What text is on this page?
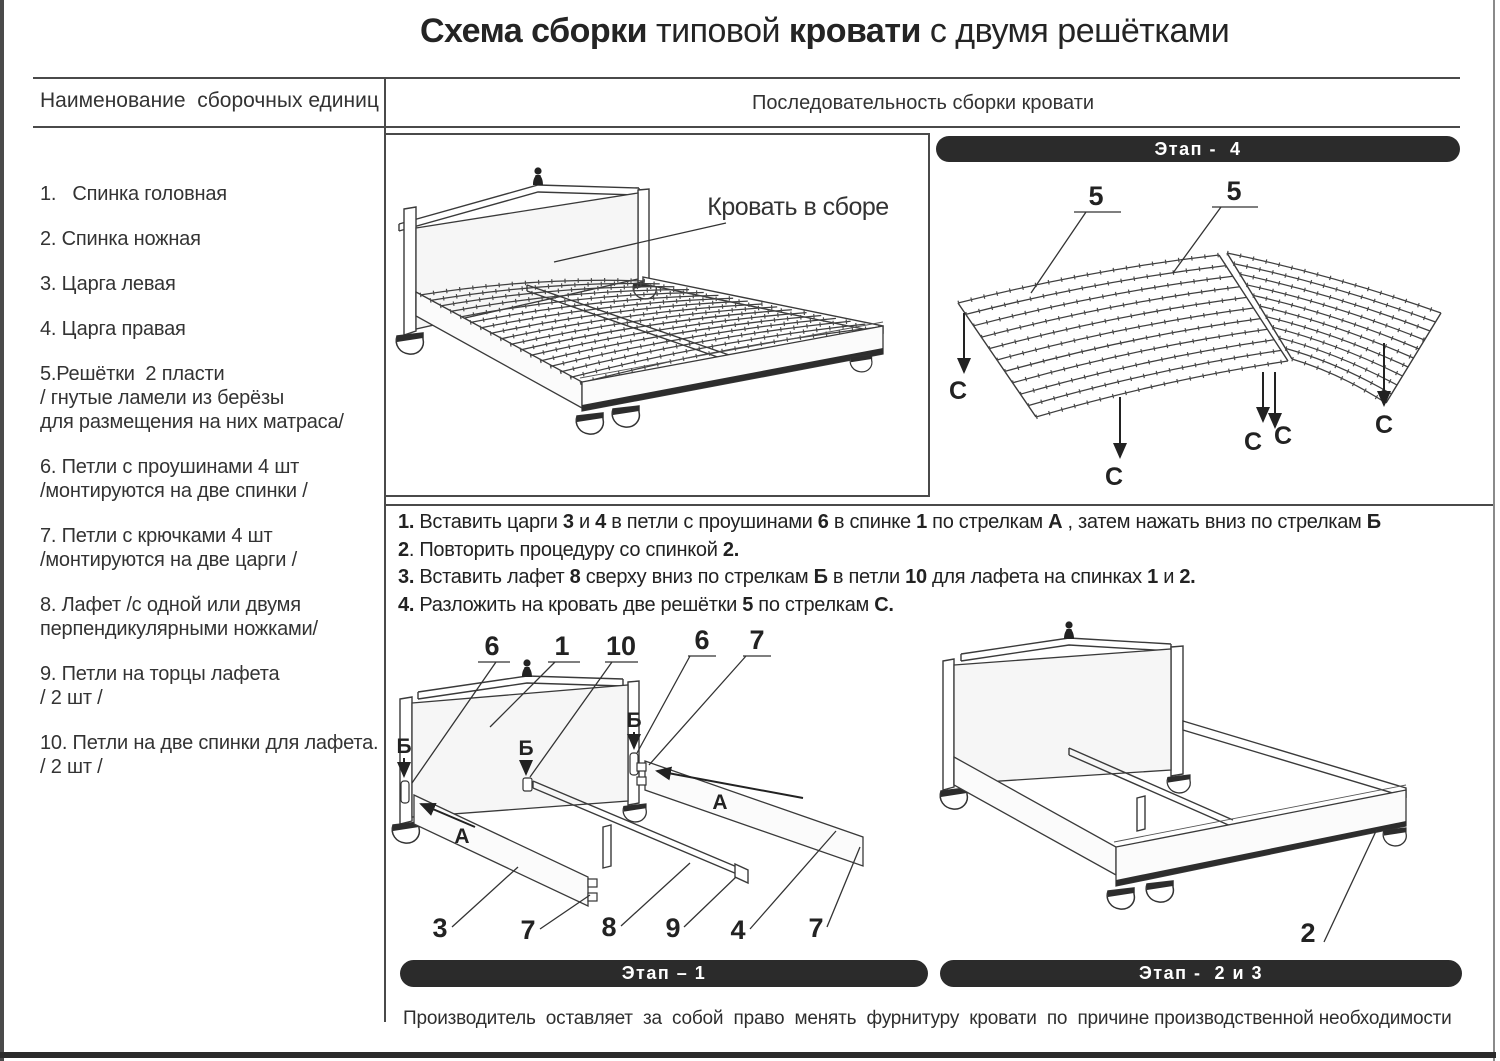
Схема сборки типовой кровати с двумя решётками
Наименование  сборочных единиц	Последовательность сборки кровати
1.   Спинка головная
2. Спинка ножная
3. Царга левая
4. Царга правая
5.Решётки  2 пласти
/ гнутые ламели из берёзы
для размещения на них матраса/
6. Петли с проушинами 4 шт
/монтируются на две спинки /
7. Петли с крючками 4 шт
/монтируются на две царги /
8. Лафет /с одной или двумя
перпендикулярными ножками/
9. Петли на торцы лафета
/ 2 шт /
10. Петли на две спинки для лафета.
/ 2 шт /
Кровать в сборе
Этап -  4
5	5
С
С
С С	С
1. Вставить царги 3 и 4 в петли с проушинами 6 в спинке 1 по стрелкам А , затем нажать вниз по стрелкам Б
2. Повторить процедуру со спинкой 2.
3. Вставить лафет 8 сверху вниз по стрелкам Б в петли 10 для лафета на спинках 1 и 2.
4. Разложить на кровать две решётки 5 по стрелкам С.
Б	Б
Б
А
А
6 1 10 6 7
3	7 8 9 4 7
Этап – 1
2
Этап -  2 и 3
Производитель  оставляет  за  собой  право  менять  фурнитуру  кровати  по  причине производственной необходимости
